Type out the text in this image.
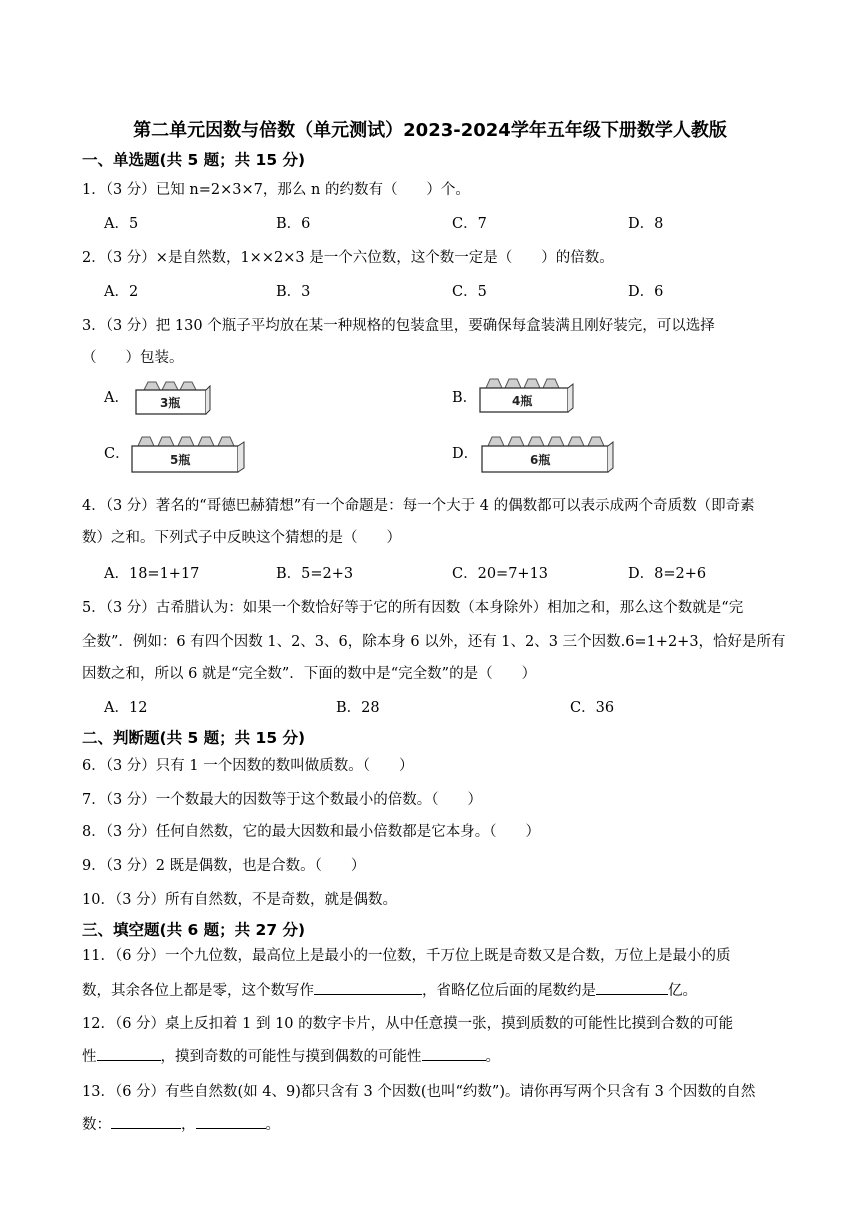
第二单元因数与倍数（单元测试）2023-2024学年五年级下册数学人教版
一、单选题(共 5 题；共 15 分)
1．（3 分）已知 n=2×3×7，那么 n 的约数有（　　）个。
A．5	B．6	C．7	D．8
2．（3 分）×是自然数，1××2×3 是一个六位数，这个数一定是（　　）的倍数。
A．2	B．3	C．5	D．6
3．（3 分）把 130 个瓶子平均放在某一种规格的包装盒里，要确保每盒装满且刚好装完，可以选择
（　　）包装。
A．	3瓶	B．	4瓶
C．	5瓶	D．	6瓶
4．（3 分）著名的“哥德巴赫猜想”有一个命题是：每一个大于 4 的偶数都可以表示成两个奇质数（即奇素
数）之和。下列式子中反映这个猜想的是（　　）
A．18=1+17	B．5=2+3	C．20=7+13	D．8=2+6
5．（3 分）古希腊认为：如果一个数恰好等于它的所有因数（本身除外）相加之和，那么这个数就是“完
全数”．例如：6 有四个因数 1、2、3、6，除本身 6 以外，还有 1、2、3 三个因数.6=1+2+3，恰好是所有
因数之和，所以 6 就是“完全数”．下面的数中是“完全数”的是（　　）
A．12	B．28	C．36
二、判断题(共 5 题；共 15 分)
6．（3 分）只有 1 一个因数的数叫做质数。（　　）
7．（3 分）一个数最大的因数等于这个数最小的倍数。（　　）
8．（3 分）任何自然数，它的最大因数和最小倍数都是它本身。（　　）
9．（3 分）2 既是偶数，也是合数。（　　）
10．（3 分）所有自然数，不是奇数，就是偶数。
三、填空题(共 6 题；共 27 分)
11．（6 分）一个九位数，最高位上是最小的一位数，千万位上既是奇数又是合数，万位上是最小的质
数，其余各位上都是零，这个数写作	，省略亿位后面的尾数约是	亿。
12．（6 分）桌上反扣着 1 到 10 的数字卡片，从中任意摸一张，摸到质数的可能性比摸到合数的可能
性	，摸到奇数的可能性与摸到偶数的可能性	。
13．（6 分）有些自然数(如 4、9)都只含有 3 个因数(也叫“约数”)。请你再写两个只含有 3 个因数的自然
数：	，	。
